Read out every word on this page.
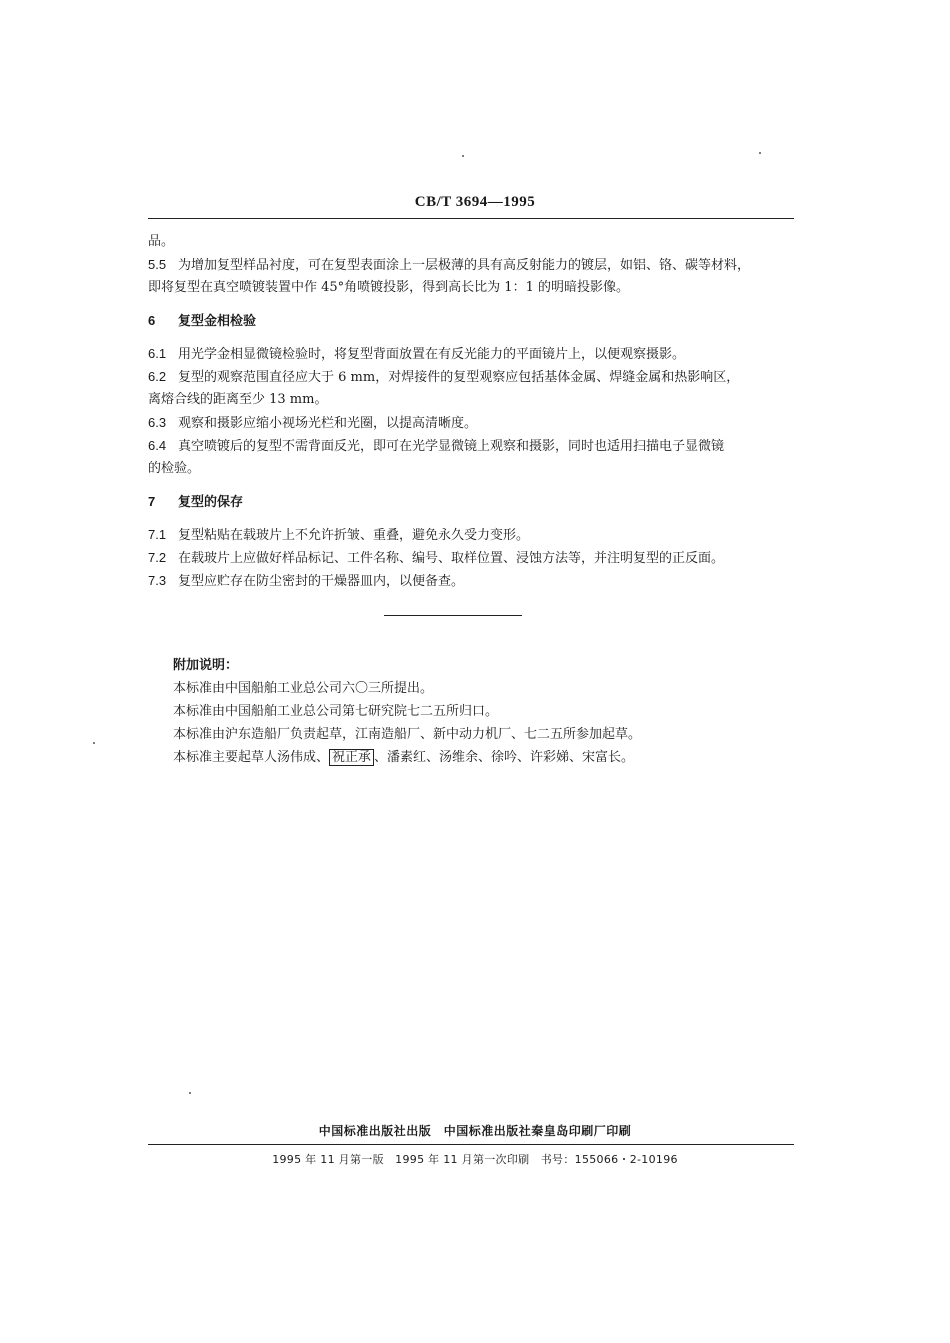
CB/T 3694—1995
品。
5.5 为增加复型样品衬度，可在复型表面涂上一层极薄的具有高反射能力的镀层，如铝、铬、碳等材料，
即将复型在真空喷镀装置中作 45°角喷镀投影，得到高长比为 1：1 的明暗投影像。
6 复型金相检验
6.1 用光学金相显微镜检验时，将复型背面放置在有反光能力的平面镜片上，以便观察摄影。
6.2 复型的观察范围直径应大于 6 mm，对焊接件的复型观察应包括基体金属、焊缝金属和热影响区，
离熔合线的距离至少 13 mm。
6.3 观察和摄影应缩小视场光栏和光圈，以提高清晰度。
6.4 真空喷镀后的复型不需背面反光，即可在光学显微镜上观察和摄影，同时也适用扫描电子显微镜
的检验。
7 复型的保存
7.1 复型粘贴在载玻片上不允许折皱、重叠，避免永久受力变形。
7.2 在载玻片上应做好样品标记、工件名称、编号、取样位置、浸蚀方法等，并注明复型的正反面。
7.3 复型应贮存在防尘密封的干燥器皿内，以便备查。
附加说明：
本标准由中国船舶工业总公司六〇三所提出。
本标准由中国船舶工业总公司第七研究院七二五所归口。
本标准由沪东造船厂负责起草，江南造船厂、新中动力机厂、七二五所参加起草。
本标准主要起草人汤伟成、 祝正承 、潘素红、汤维余、徐吟、许彩娣、宋富长。
中国标准出版社出版　中国标准出版社秦皇岛印刷厂印刷
1995 年 11 月第一版　1995 年 11 月第一次印刷　书号：155066・2-10196
